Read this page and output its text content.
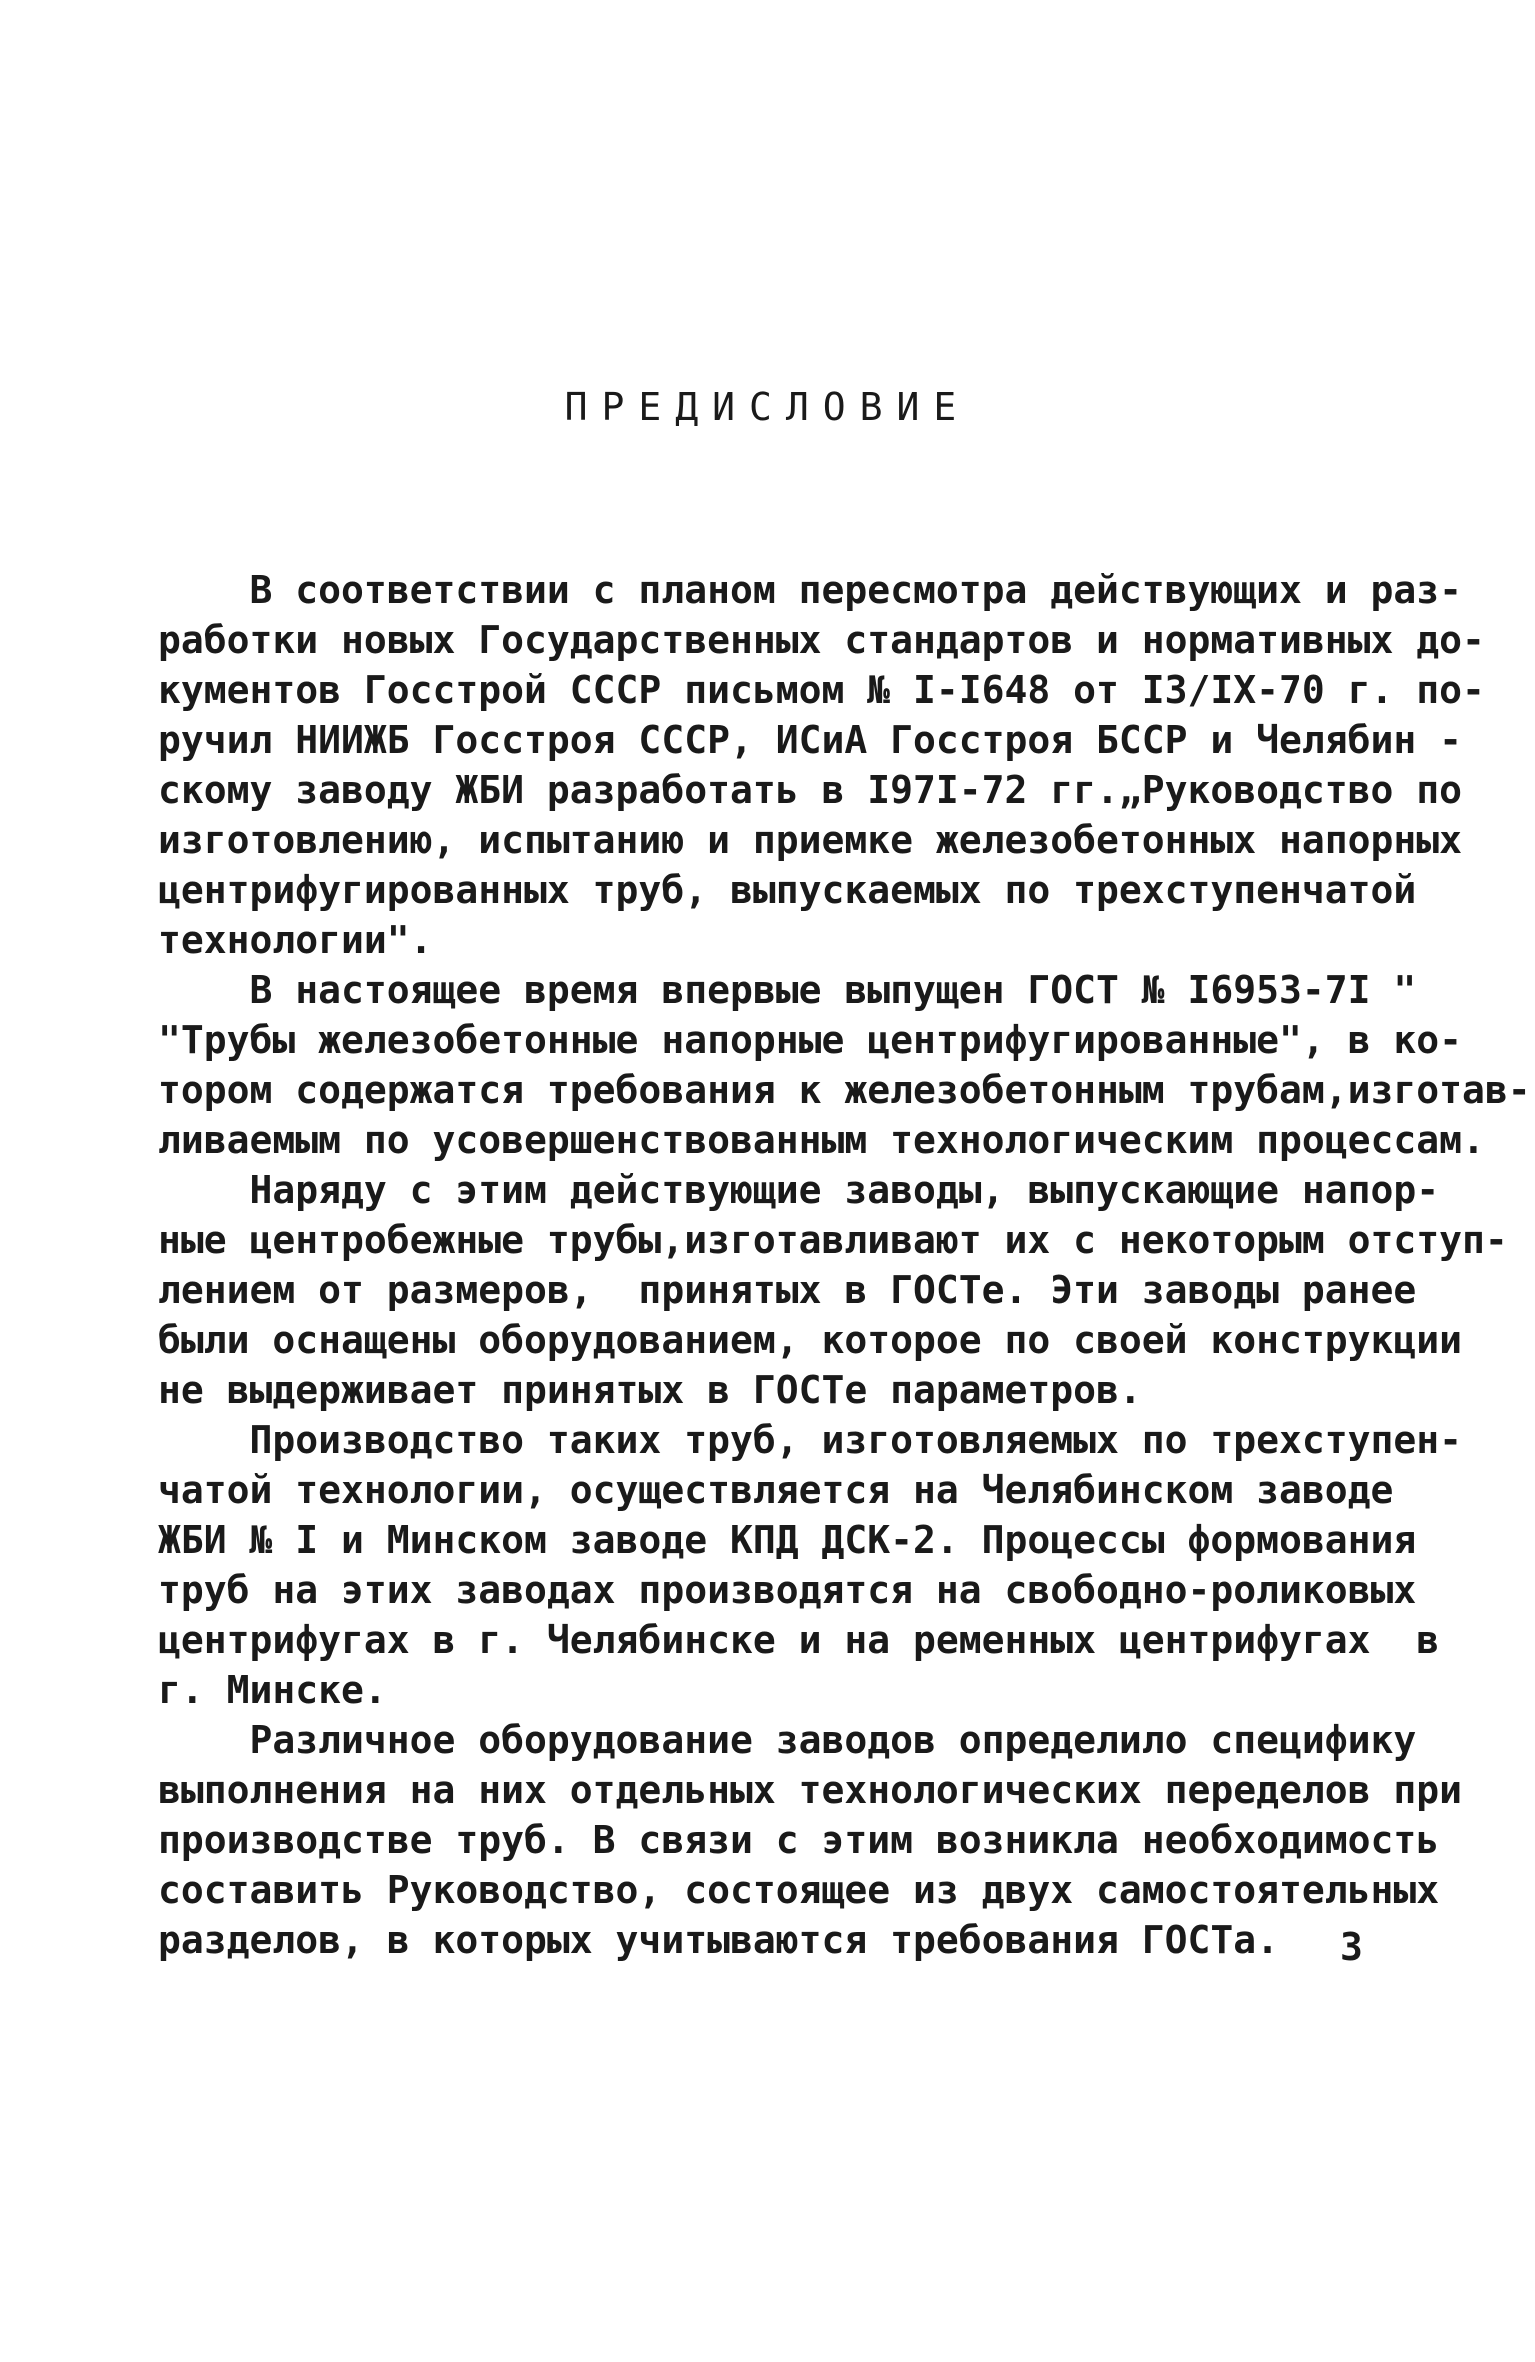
ПРЕДИСЛОВИЕ
В соответствии с планом пересмотра действующих и раз-
работки новых Государственных стандартов и нормативных до-
кументов Госстрой СССР письмом № I-I648 от I3/IX-70 г. по-
ручил НИИЖБ Госстроя СССР, ИСиА Госстроя БССР и Челябин -
скому заводу ЖБИ разработать в I97I-72 гг.„Руководство по
изготовлению, испытанию и приемке железобетонных напорных
центрифугированных труб, выпускаемых по трехступенчатой
технологии".
В настоящее время впервые выпущен ГОСТ № I6953-7I "
"Трубы железобетонные напорные центрифугированные", в ко-
тором содержатся требования к железобетонным трубам,изготав-
ливаемым по усовершенствованным технологическим процессам.
Наряду с этим действующие заводы, выпускающие напор-
ные центробежные трубы,изготавливают их с некоторым отступ-
лением от размеров,  принятых в ГОСТе. Эти заводы ранее
были оснащены оборудованием, которое по своей конструкции
не выдерживает принятых в ГОСТе параметров.
Производство таких труб, изготовляемых по трехступен-
чатой технологии, осуществляется на Челябинском заводе
ЖБИ № I и Минском заводе КПД ДСК-2. Процессы формования
труб на этих заводах производятся на свободно-роликовых
центрифугах в г. Челябинске и на ременных центрифугах  в
г. Минске.
Различное оборудование заводов определило специфику
выполнения на них отдельных технологических переделов при
производстве труб. В связи с этим возникла необходимость
составить Руководство, состоящее из двух самостоятельных
разделов, в которых учитываются требования ГОСТа.	3
